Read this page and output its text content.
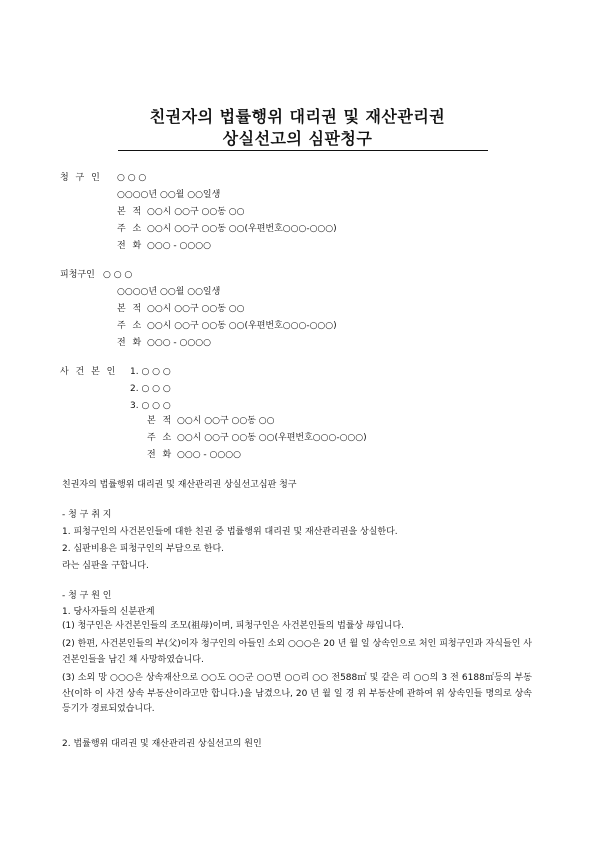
친권자의 법률행위 대리권 및 재산관리권
상실선고의 심판청구
청 구 인 ○ ○ ○
○○○○년 ○○월 ○○일생
본 적 ○○시 ○○구 ○○동 ○○
주 소 ○○시 ○○구 ○○동 ○○(우편번호○○○-○○○)
전 화 ○○○ - ○○○○
피청구인 ○ ○ ○
○○○○년 ○○월 ○○일생
본 적 ○○시 ○○구 ○○동 ○○
주 소 ○○시 ○○구 ○○동 ○○(우편번호○○○-○○○)
전 화 ○○○ - ○○○○
사 건 본 인 1. ○ ○ ○
2. ○ ○ ○
3. ○ ○ ○
본 적 ○○시 ○○구 ○○동 ○○
주 소 ○○시 ○○구 ○○동 ○○(우편번호○○○-○○○)
전 화 ○○○ - ○○○○
친권자의 법률행위 대리권 및 재산관리권 상실선고심판 청구
- 청 구 취 지
1. 피청구인의 사건본인들에 대한 친권 중 법률행위 대리권 및 재산관리권을 상실한다.
2. 심판비용은 피청구인의 부담으로 한다.
라는 심판을 구합니다.
- 청 구 원 인
1. 당사자들의 신분관계
(1) 청구인은 사건본인들의 조모(祖母)이며, 피청구인은 사건본인들의 법률상 母입니다.
(2) 한편, 사건본인들의 부(父)이자 청구인의 아들인 소외 ○○○은 20 년 월 일 상속인으로 처인 피청구인과 자식들인 사건본인들을 남긴 채 사망하였습니다.
(3) 소외 망 ○○○은 상속재산으로 ○○도 ○○군 ○○면 ○○리 ○○ 전588㎡ 및 같은 리 ○○의 3 전 6188㎡등의 부동산(이하 이 사건 상속 부동산이라고만 합니다.)을 남겼으나, 20 년 월 일 경 위 부동산에 관하여 위 상속인들 명의로 상속등기가 경료되었습니다.
2. 법률행위 대리권 및 재산관리권 상실선고의 원인
